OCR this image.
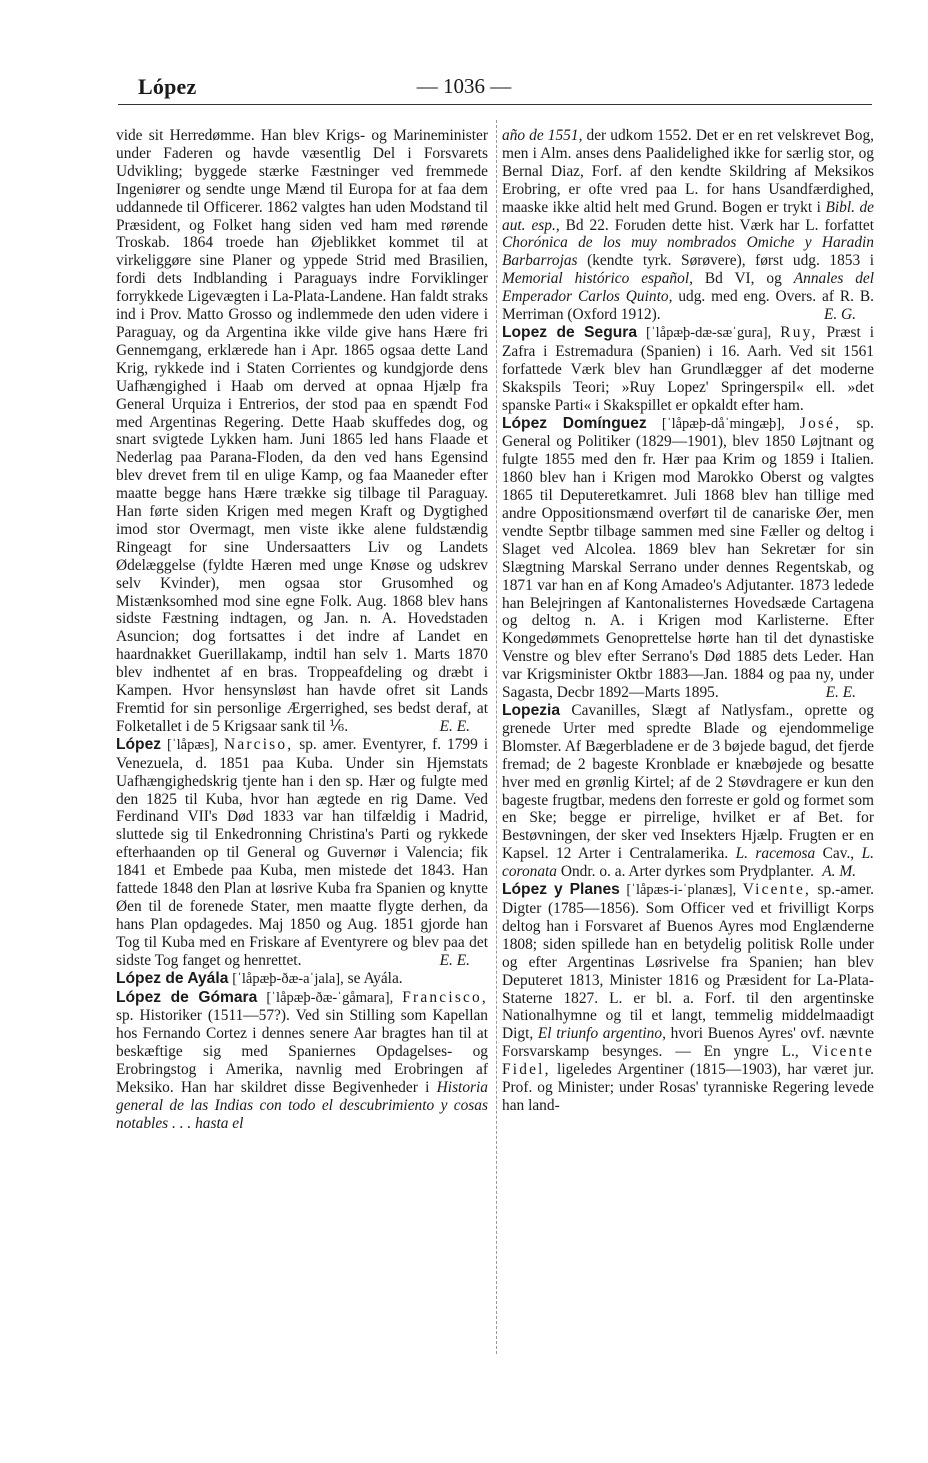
López	— 1036 —

vide sit Herredømme. Han blev Krigs- og Marineminister under Faderen og havde væsentlig Del i Forsvarets Udvikling; byggede stærke Fæstninger ved fremmede Ingeniører og sendte unge Mænd til Europa for at faa dem uddannede til Officerer. 1862 valgtes han uden Modstand til Præsident, og Folket hang siden ved ham med rørende Troskab. 1864 troede han Øjeblikket kommet til at virkeliggøre sine Planer og yppede Strid med Brasilien, fordi dets Indblanding i Paraguays indre Forviklinger forrykkede Ligevægten i La-Plata-Landene. Han faldt straks ind i Prov. Matto Grosso og indlemmede den uden videre i Paraguay, og da Argentina ikke vilde give hans Hære fri Gennemgang, erklærede han i Apr. 1865 ogsaa dette Land Krig, rykkede ind i Staten Corrientes og kundgjorde dens Uafhængighed i Haab om derved at opnaa Hjælp fra General Urquiza i Entrerios, der stod paa en spændt Fod med Argentinas Regering. Dette Haab skuffedes dog, og snart svigtede Lykken ham. Juni 1865 led hans Flaade et Nederlag paa Parana-Floden, da den ved hans Egensind blev drevet frem til en ulige Kamp, og faa Maaneder efter maatte begge hans Hære trække sig tilbage til Paraguay. Han førte siden Krigen med megen Kraft og Dygtighed imod stor Overmagt, men viste ikke alene fuldstændig Ringeagt for sine Undersaatters Liv og Landets Ødelæggelse (fyldte Hæren med unge Knøse og udskrev selv Kvinder), men ogsaa stor Grusomhed og Mistænksomhed mod sine egne Folk. Aug. 1868 blev hans sidste Fæstning indtagen, og Jan. n. A. Hovedstaden Asuncion; dog fortsattes i det indre af Landet en haardnakket Guerillakamp, indtil han selv 1. Marts 1870 blev indhentet af en bras. Troppeafdeling og dræbt i Kampen. Hvor hensynsløst han havde ofret sit Lands Fremtid for sin personlige Ærgerrighed, ses bedst deraf, at Folketallet i de 5 Krigsaar sank til ⅙.	E. E.

López [ˈlåpæs], Narciso, sp. amer. Eventyrer, f. 1799 i Venezuela, d. 1851 paa Kuba. Under sin Hjemstats Uafhængighedskrig tjente han i den sp. Hær og fulgte med den 1825 til Kuba, hvor han ægtede en rig Dame. Ved Ferdinand VII's Død 1833 var han tilfældig i Madrid, sluttede sig til Enkedronning Christina's Parti og rykkede efterhaanden op til General og Guvernør i Valencia; fik 1841 et Embede paa Kuba, men mistede det 1843. Han fattede 1848 den Plan at løsrive Kuba fra Spanien og knytte Øen til de forenede Stater, men maatte flygte derhen, da hans Plan opdagedes. Maj 1850 og Aug. 1851 gjorde han Tog til Kuba med en Friskare af Eventyrere og blev paa det sidste Tog fanget og henrettet.	E. E.

López de Ayála [ˈlåpæþ-ðæ-aˈjala], se Ayála.

López de Gómara [ˈlåpæþ-ðæ-ˈgåmara], Francisco, sp. Historiker (1511—57?). Ved sin Stilling som Kapellan hos Fernando Cortez i dennes senere Aar bragtes han til at beskæftige sig med Spaniernes Opdagelses- og Erobringstog i Amerika, navnlig med Erobringen af Meksiko. Han har skildret disse Begivenheder i Historia general de las Indias con todo el descubrimiento y cosas notables . . . hasta el

año de 1551, der udkom 1552. Det er en ret velskrevet Bog, men i Alm. anses dens Paalidelighed ikke for særlig stor, og Bernal Diaz, Forf. af den kendte Skildring af Meksikos Erobring, er ofte vred paa L. for hans Usandfærdighed, maaske ikke altid helt med Grund. Bogen er trykt i Bibl. de aut. esp., Bd 22. Foruden dette hist. Værk har L. forfattet Chorónica de los muy nombrados Omiche y Haradin Barbarrojas (kendte tyrk. Sørøvere), først udg. 1853 i Memorial histórico español, Bd VI, og Annales del Emperador Carlos Quinto, udg. med eng. Overs. af R. B. Merriman (Oxford 1912).	E. G.

Lopez de Segura [ˈlåpæþ-dæ-sæˈgura], Ruy, Præst i Zafra i Estremadura (Spanien) i 16. Aarh. Ved sit 1561 forfattede Værk blev han Grundlægger af det moderne Skakspils Teori; »Ruy Lopez' Springerspil« ell. »det spanske Parti« i Skakspillet er opkaldt efter ham.

López Domínguez [ˈlåpæþ-dåˈmingæþ], José, sp. General og Politiker (1829—1901), blev 1850 Løjtnant og fulgte 1855 med den fr. Hær paa Krim og 1859 i Italien. 1860 blev han i Krigen mod Marokko Oberst og valgtes 1865 til Deputeretkamret. Juli 1868 blev han tillige med andre Oppositionsmænd overført til de canariske Øer, men vendte Septbr tilbage sammen med sine Fæller og deltog i Slaget ved Alcolea. 1869 blev han Sekretær for sin Slægtning Marskal Serrano under dennes Regentskab, og 1871 var han en af Kong Amadeo's Adjutanter. 1873 ledede han Belejringen af Kantonalisternes Hovedsæde Cartagena og deltog n. A. i Krigen mod Karlisterne. Efter Kongedømmets Genoprettelse hørte han til det dynastiske Venstre og blev efter Serrano's Død 1885 dets Leder. Han var Krigsminister Oktbr 1883—Jan. 1884 og paa ny, under Sagasta, Decbr 1892—Marts 1895.	E. E.

Lopezia Cavanilles, Slægt af Natlysfam., oprette og grenede Urter med spredte Blade og ejendommelige Blomster. Af Bægerbladene er de 3 bøjede bagud, det fjerde fremad; de 2 bageste Kronblade er knæbøjede og besatte hver med en grønlig Kirtel; af de 2 Støvdragere er kun den bageste frugtbar, medens den forreste er gold og formet som en Ske; begge er pirrelige, hvilket er af Bet. for Bestøvningen, der sker ved Insekters Hjælp. Frugten er en Kapsel. 12 Arter i Centralamerika. L. racemosa Cav., L. coronata Ondr. o. a. Arter dyrkes som Prydplanter. A. M.

López y Planes [ˈlåpæs-i-ˈplanæs], Vicente, sp.-amer. Digter (1785—1856). Som Officer ved et frivilligt Korps deltog han i Forsvaret af Buenos Ayres mod Englænderne 1808; siden spillede han en betydelig politisk Rolle under og efter Argentinas Løsrivelse fra Spanien; han blev Deputeret 1813, Minister 1816 og Præsident for La-Plata-Staterne 1827. L. er bl. a. Forf. til den argentinske Nationalhymne og til et langt, temmelig middelmaadigt Digt, El triunfo argentino, hvori Buenos Ayres' ovf. nævnte Forsvarskamp besynges. — En yngre L., Vicente Fidel, ligeledes Argentiner (1815—1903), har været jur. Prof. og Minister; under Rosas' tyranniske Regering levede han land-
